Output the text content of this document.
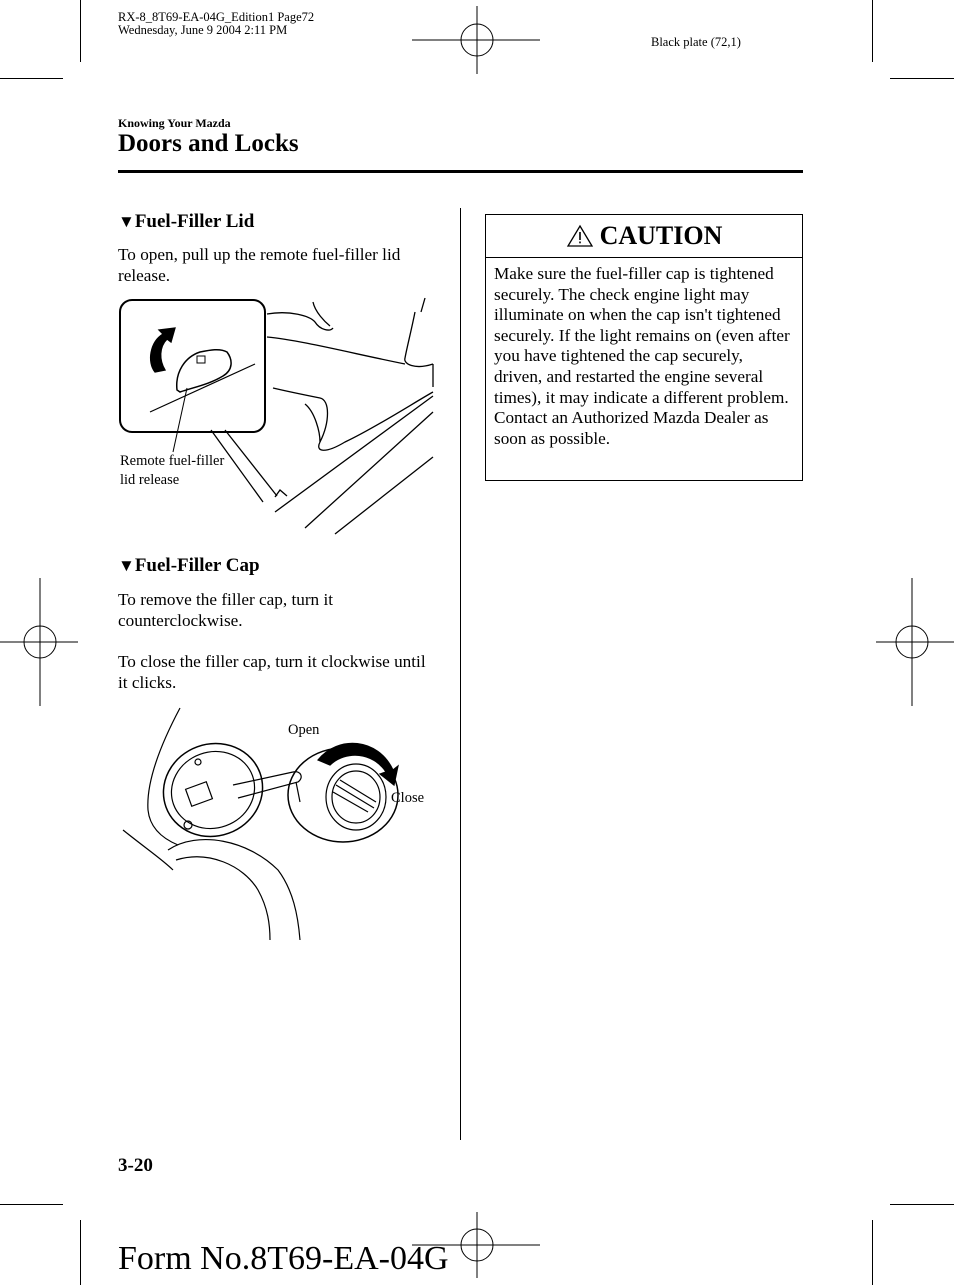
RX-8_8T69-EA-04G_Edition1 Page72
Wednesday, June 9 2004 2:11 PM
Black plate (72,1)
Knowing Your Mazda
Doors and Locks
▼Fuel-Filler Lid
To open, pull up the remote fuel-filler lid release.
Remote fuel-filler
lid release
▼Fuel-Filler Cap
To remove the filler cap, turn it counterclockwise.
To close the filler cap, turn it clockwise until it clicks.
Open
Close
CAUTION
Make sure the fuel-filler cap is tightened securely. The check engine light may illuminate on when the cap isn't tightened securely. If the light remains on (even after you have tightened the cap securely, driven, and restarted the engine several times), it may indicate a different problem. Contact an Authorized Mazda Dealer as soon as possible.
3-20
Form No.8T69-EA-04G
